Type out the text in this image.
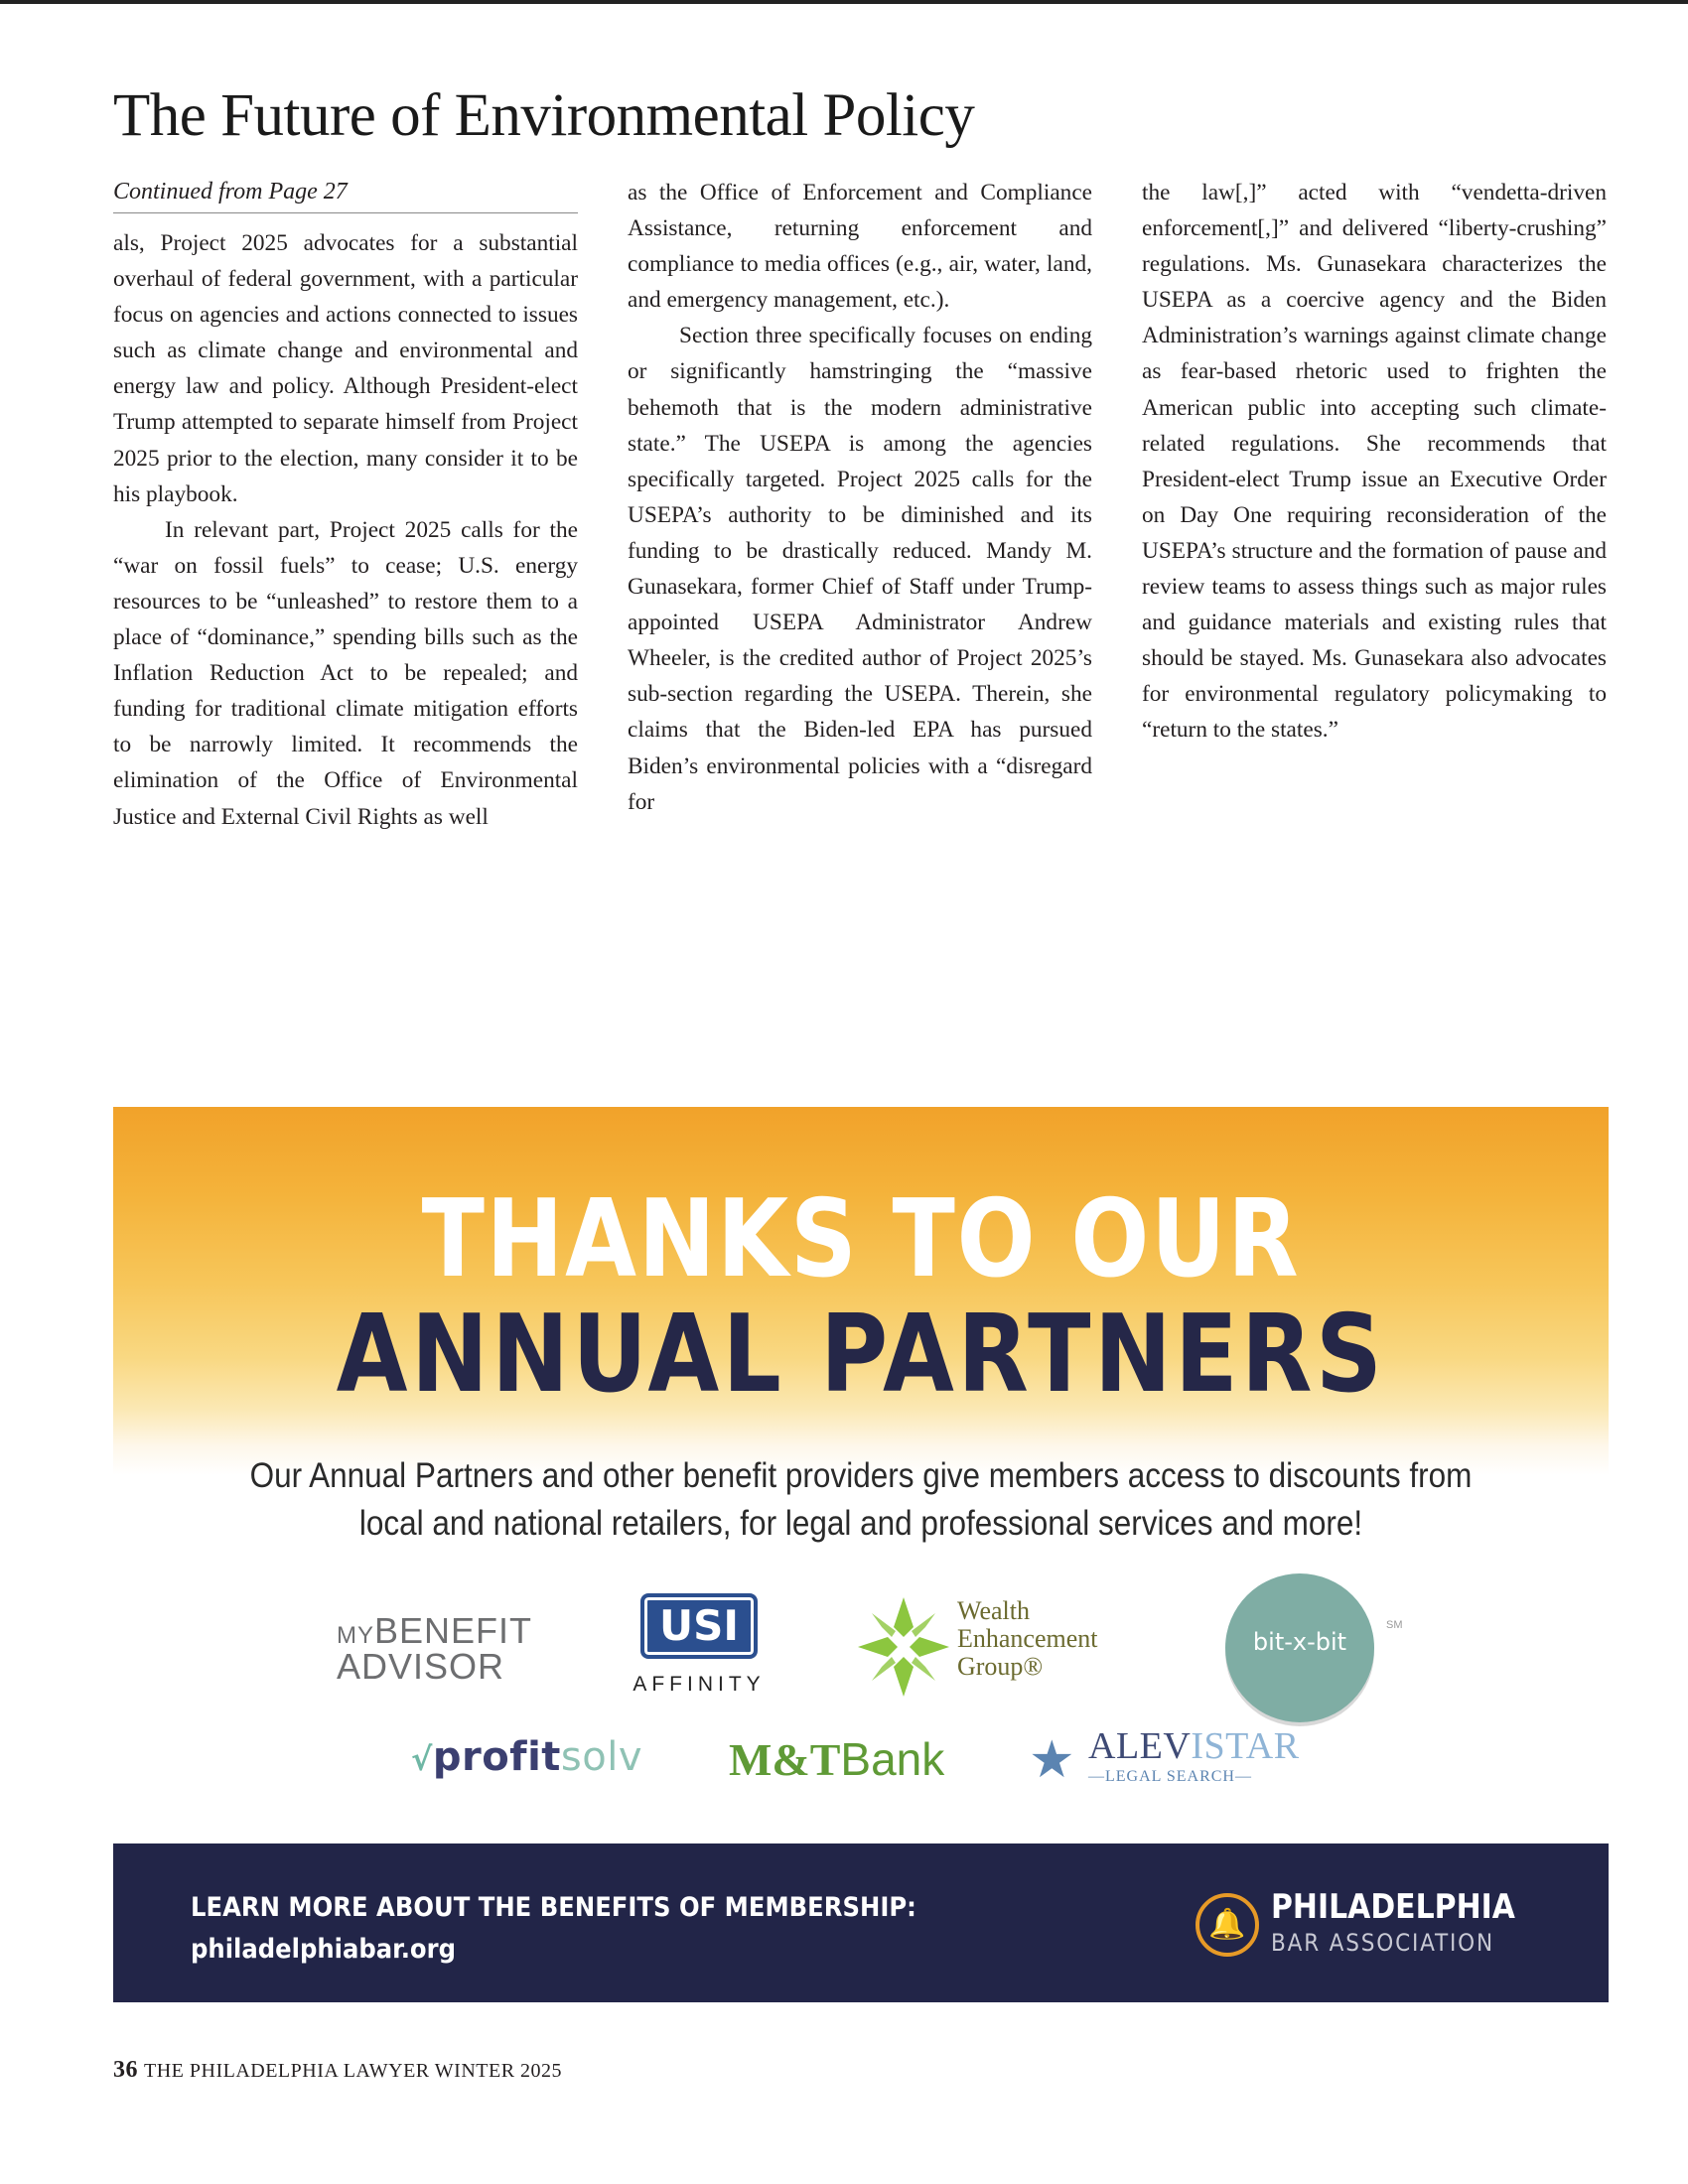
The Future of Environmental Policy
Continued from Page 27

als, Project 2025 advocates for a substantial overhaul of federal government, with a particular focus on agencies and actions connected to issues such as climate change and environmental and energy law and policy. Although President-elect Trump attempted to separate himself from Project 2025 prior to the election, many consider it to be his playbook.

In relevant part, Project 2025 calls for the “war on fossil fuels” to cease; U.S. energy resources to be “unleashed” to restore them to a place of “dominance,” spending bills such as the Inflation Reduction Act to be repealed; and funding for traditional climate mitigation efforts to be narrowly limited. It recommends the elimination of the Office of Environmental Justice and External Civil Rights as well

as the Office of Enforcement and Compliance Assistance, returning enforcement and compliance to media offices (e.g., air, water, land, and emergency management, etc.).

Section three specifically focuses on ending or significantly hamstringing the “massive behemoth that is the modern administrative state.” The USEPA is among the agencies specifically targeted. Project 2025 calls for the USEPA’s authority to be diminished and its funding to be drastically reduced. Mandy M. Gunasekara, former Chief of Staff under Trump-appointed USEPA Administrator Andrew Wheeler, is the credited author of Project 2025’s sub-section regarding the USEPA. Therein, she claims that the Biden-led EPA has pursued Biden’s environmental policies with a “disregard for

the law[,]” acted with “vendetta-driven enforcement[,]” and delivered “liberty-crushing” regulations. Ms. Gunasekara characterizes the USEPA as a coercive agency and the Biden Administration’s warnings against climate change as fear-based rhetoric used to frighten the American public into accepting such climate-related regulations. She recommends that President-elect Trump issue an Executive Order on Day One requiring reconsideration of the USEPA’s structure and the formation of pause and review teams to assess things such as major rules and guidance materials and existing rules that should be stayed. Ms. Gunasekara also advocates for environmental regulatory policymaking to “return to the states.”

THANKS TO OUR
ANNUAL PARTNERS
Our Annual Partners and other benefit providers give members access to discounts from local and national retailers, for legal and professional services and more!
MYBENEFIT
ADVISOR
USI
AFFINITY
Wealth
Enhancement
Group®
bit-x-bit
SM
√profitsolv M&TBank ★ ALEVISTAR
—LEGAL SEARCH—
LEARN MORE ABOUT THE BENEFITS OF MEMBERSHIP:
philadelphiabar.org
🔔 PHILADELPHIA
BAR ASSOCIATION
36 THE PHILADELPHIA LAWYER WINTER 2025
